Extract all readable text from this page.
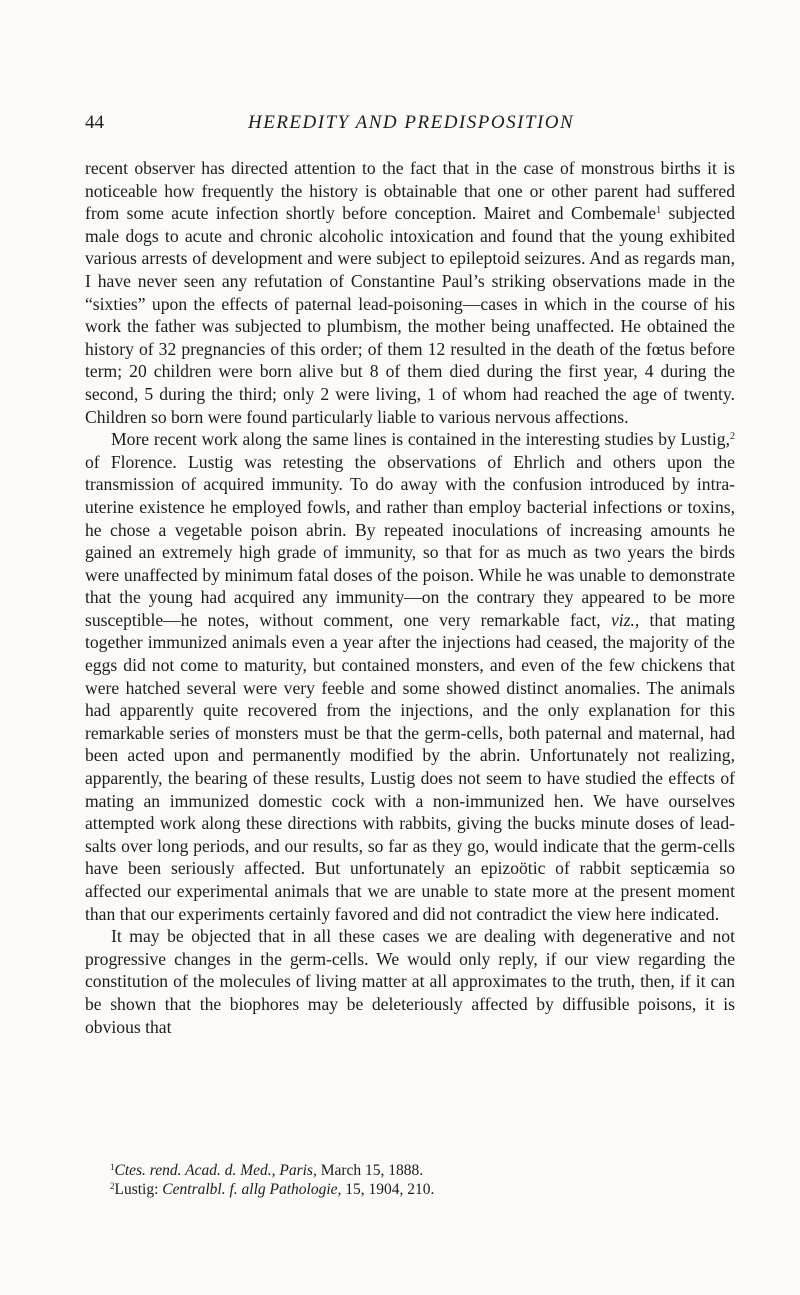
44	HEREDITY AND PREDISPOSITION

recent observer has directed attention to the fact that in the case of monstrous births it is noticeable how frequently the history is obtainable that one or other parent had suffered from some acute infection shortly before conception. Mairet and Combemale$^1$ subjected male dogs to acute and chronic alcoholic intoxication and found that the young exhibited various arrests of development and were subject to epileptoid seizures. And as regards man, I have never seen any refutation of Constantine Paul’s striking observations made in the “sixties” upon the effects of paternal lead-poisoning—cases in which in the course of his work the father was subjected to plumbism, the mother being unaffected. He obtained the history of 32 pregnancies of this order; of them 12 resulted in the death of the fœtus before term; 20 children were born alive but 8 of them died during the first year, 4 during the second, 5 during the third; only 2 were living, 1 of whom had reached the age of twenty. Children so born were found particularly liable to various nervous affections.

More recent work along the same lines is contained in the interesting studies by Lustig,$^2$ of Florence. Lustig was retesting the observations of Ehrlich and others upon the transmission of acquired immunity. To do away with the confusion introduced by intra-uterine existence he employed fowls, and rather than employ bacterial infections or toxins, he chose a vegetable poison abrin. By repeated inoculations of increasing amounts he gained an extremely high grade of immunity, so that for as much as two years the birds were unaffected by minimum fatal doses of the poison. While he was unable to demonstrate that the young had acquired any immunity—on the contrary they appeared to be more susceptible—he notes, without comment, one very remarkable fact, viz., that mating together immunized animals even a year after the injections had ceased, the majority of the eggs did not come to maturity, but contained monsters, and even of the few chickens that were hatched several were very feeble and some showed distinct anomalies. The animals had apparently quite recovered from the injections, and the only explanation for this remarkable series of monsters must be that the germ-cells, both paternal and maternal, had been acted upon and permanently modified by the abrin. Unfortunately not realizing, apparently, the bearing of these results, Lustig does not seem to have studied the effects of mating an immunized domestic cock with a non-immunized hen. We have ourselves attempted work along these directions with rabbits, giving the bucks minute doses of lead-salts over long periods, and our results, so far as they go, would indicate that the germ-cells have been seriously affected. But unfortunately an epizoötic of rabbit septicæmia so affected our experimental animals that we are unable to state more at the present moment than that our experiments certainly favored and did not contradict the view here indicated.

It may be objected that in all these cases we are dealing with degenerative and not progressive changes in the germ-cells. We would only reply, if our view regarding the constitution of the molecules of living matter at all approximates to the truth, then, if it can be shown that the biophores may be deleteriously affected by diffusible poisons, it is obvious that

$^1$Ctes. rend. Acad. d. Med., Paris, March 15, 1888.

$^2$Lustig: Centralbl. f. allg Pathologie, 15, 1904, 210.
